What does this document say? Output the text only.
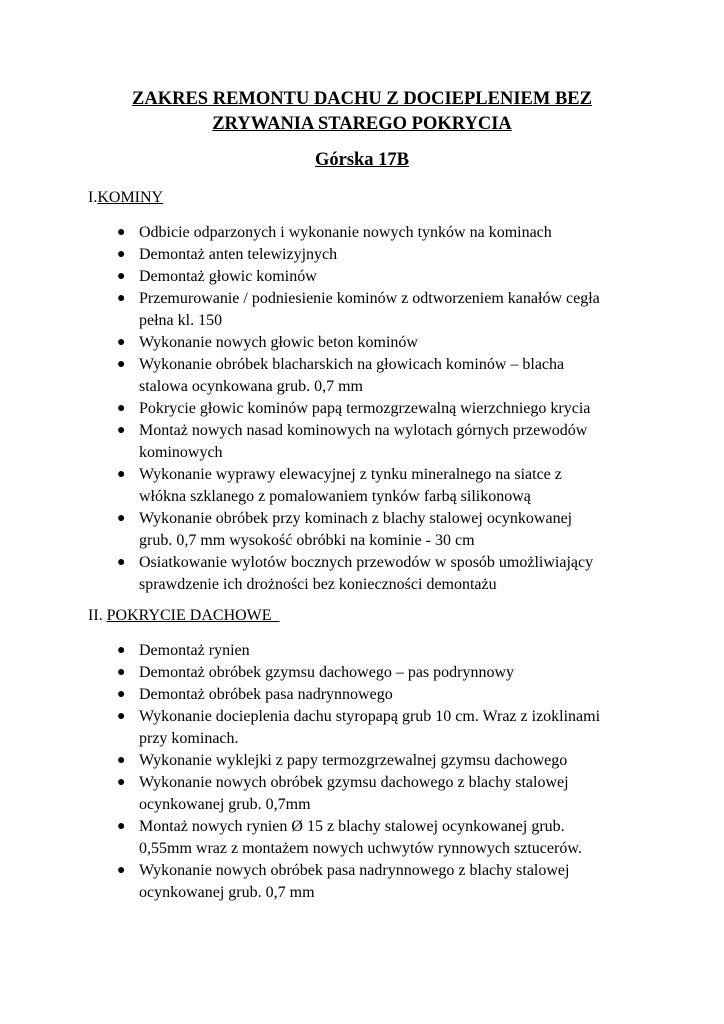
ZAKRES REMONTU DACHU Z DOCIEPLENIEM BEZ
ZRYWANIA STAREGO POKRYCIA
Górska 17B
I.KOMINY
● Odbicie odparzonych i wykonanie nowych tynków na kominach
● Demontaż anten telewizyjnych
● Demontaż głowic kominów
● Przemurowanie / podniesienie kominów z odtworzeniem kanałów cegła pełna kl. 150
● Wykonanie nowych głowic beton kominów
● Wykonanie obróbek blacharskich na głowicach kominów – blacha stalowa ocynkowana grub. 0,7 mm
● Pokrycie głowic kominów papą termozgrzewalną wierzchniego krycia
● Montaż nowych nasad kominowych na wylotach górnych przewodów kominowych
● Wykonanie wyprawy elewacyjnej z tynku mineralnego na siatce z włókna szklanego z pomalowaniem tynków farbą silikonową
● Wykonanie obróbek przy kominach z blachy stalowej ocynkowanej grub. 0,7 mm wysokość obróbki na kominie - 30 cm
● Osiatkowanie wylotów bocznych przewodów w sposób umożliwiający sprawdzenie ich drożności bez konieczności demontażu
II. POKRYCIE DACHOWE
● Demontaż rynien
● Demontaż obróbek gzymsu dachowego – pas podrynnowy
● Demontaż obróbek pasa nadrynnowego
● Wykonanie docieplenia dachu styropapą grub 10 cm. Wraz z izoklinami przy kominach.
● Wykonanie wyklejki z papy termozgrzewalnej gzymsu dachowego
● Wykonanie nowych obróbek gzymsu dachowego z blachy stalowej ocynkowanej grub. 0,7mm
● Montaż nowych rynien Ø 15 z blachy stalowej ocynkowanej grub. 0,55mm wraz z montażem nowych uchwytów rynnowych sztucerów.
● Wykonanie nowych obróbek pasa nadrynnowego z blachy stalowej ocynkowanej grub. 0,7 mm
